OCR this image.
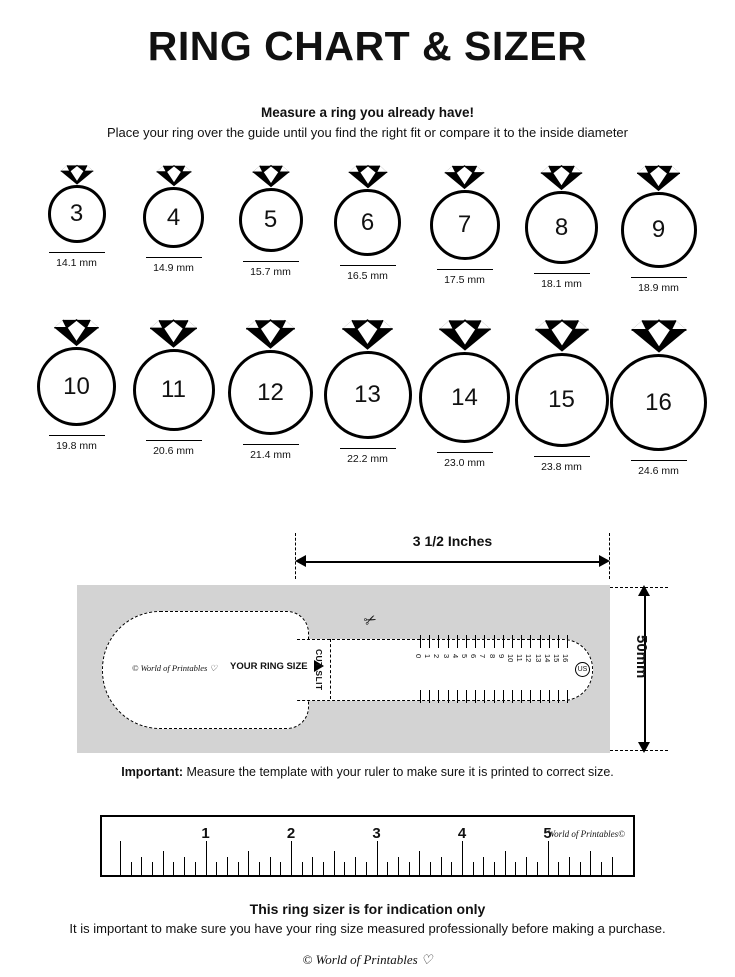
RING CHART & SIZER
Measure a ring you already have!
Place your ring over the guide until you find the right fit or compare it to the inside diameter
3
14.1 mm
4
14.9 mm
5
15.7 mm
6
16.5 mm
7
17.5 mm
8
18.1 mm
9
18.9 mm
10
19.8 mm
11
20.6 mm
12
21.4 mm
13
22.2 mm
14
23.0 mm
15
23.8 mm
16
24.6 mm
3 1/2 Inches
© World of Printables ♡ YOUR RING SIZE CUT SLIT
✂
0 1 2 3 4 5 6 7 8 9 10 11 12 13 14 15 16
US	50mm
Important: Measure the template with your ruler to make sure it is printed to correct size.
World of Printables©
1	2	3	4	5
This ring sizer is for indication only
It is important to make sure you have your ring size measured professionally before making a purchase.
© World of Printables ♡
